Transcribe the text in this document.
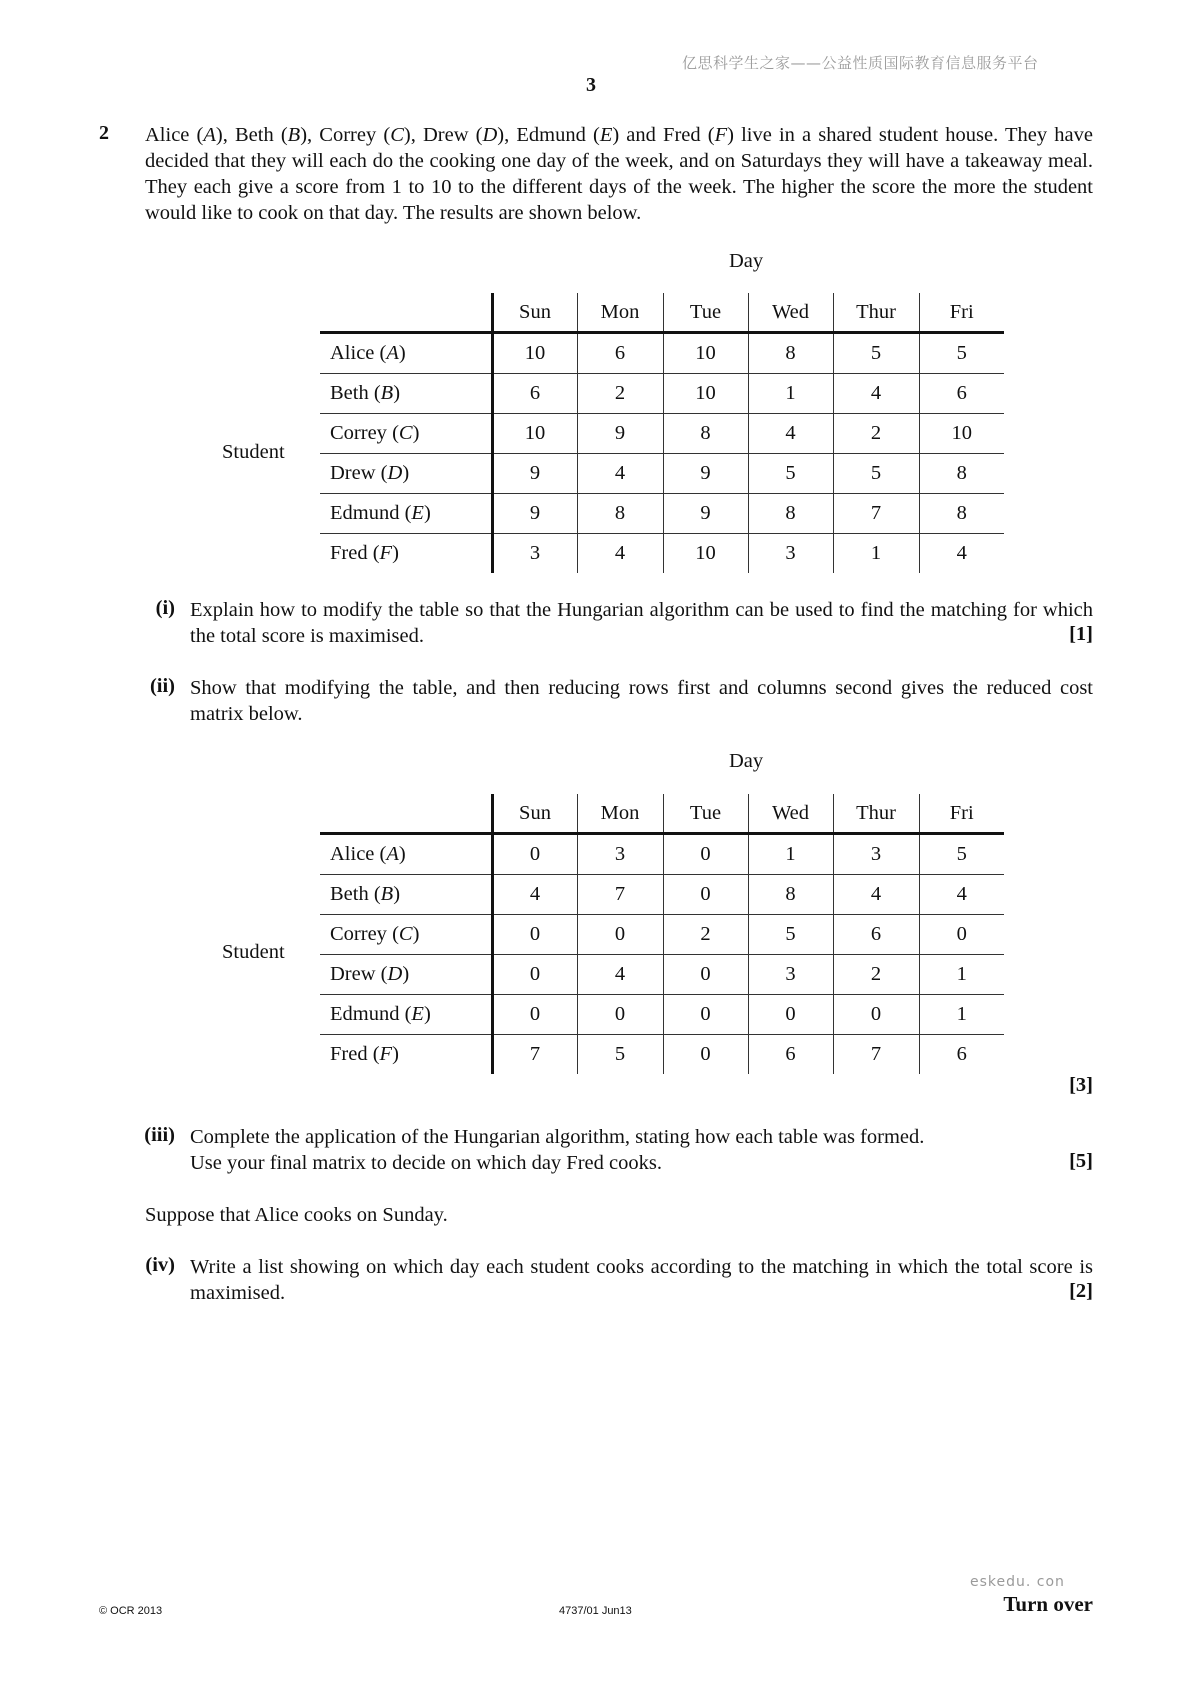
亿思科学生之家——公益性质国际教育信息服务平台
3
2 Alice (A), Beth (B), Correy (C), Drew (D), Edmund (E) and Fred (F) live in a shared student house. They have decided that they will each do the cooking one day of the week, and on Saturdays they will have a takeaway meal. They each give a score from 1 to 10 to the different days of the week. The higher the score the more the student would like to cook on that day. The results are shown below.
Day
Student
	Sun	Mon	Tue	Wed	Thur	Fri
Alice (A)	10	6	10	8	5	5
Beth (B)	6	2	10	1	4	6
Correy (C)	10	9	8	4	2	10
Drew (D)	9	4	9	5	5	8
Edmund (E)	9	8	9	8	7	8
Fred (F)	3	4	10	3	1	4
(i) Explain how to modify the table so that the Hungarian algorithm can be used to find the matching for which the total score is maximised.	[1]
(ii) Show that modifying the table, and then reducing rows first and columns second gives the reduced cost matrix below.
Day
Student
	Sun	Mon	Tue	Wed	Thur	Fri
Alice (A)	0	3	0	1	3	5
Beth (B)	4	7	0	8	4	4
Correy (C)	0	0	2	5	6	0
Drew (D)	0	4	0	3	2	1
Edmund (E)	0	0	0	0	0	1
Fred (F)	7	5	0	6	7	6
[3]
(iii) Complete the application of the Hungarian algorithm, stating how each table was formed.
Use your final matrix to decide on which day Fred cooks.	[5]
Suppose that Alice cooks on Sunday.
(iv) Write a list showing on which day each student cooks according to the matching in which the total score is maximised.	[2]
eskedu. con
© OCR 2013	4737/01 Jun13	Turn over
